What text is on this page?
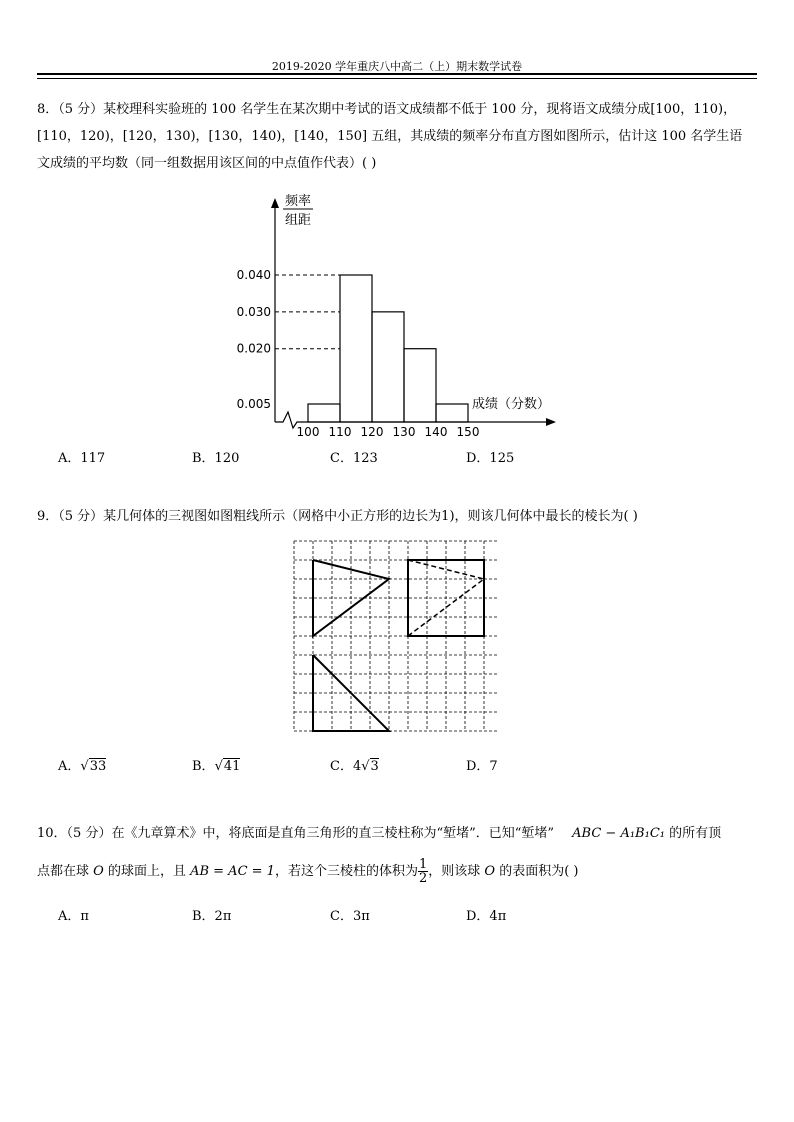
2019-2020 学年重庆八中高二（上）期末数学试卷
8．（5 分）某校理科实验班的 100 名学生在某次期中考试的语文成绩都不低于 100 分，现将语文成绩分成[100，110)，
[110，120)，[120，130)，[130，140)，[140，150] 五组，其成绩的频率分布直方图如图所示，估计这 100 名学生语
文成绩的平均数（同一组数据用该区间的中点值作代表）( )
频率
组距
0.040
0.030
0.020
0.005
100 110 120 130 140 150
成绩（分数）
A．117	B．120	C．123	D．125
9．（5 分）某几何体的三视图如图粗线所示（网格中小正方形的边长为1)，则该几何体中最长的棱长为( )
A．√33	B．√41	C．4√3	D．7
10．（5 分）在《九章算术》中，将底面是直角三角形的直三棱柱称为“堑堵”．已知“堑堵” ABC − A₁B₁C₁ 的所有顶
点都在球 O 的球面上，且 AB = AC = 1，若这个三棱柱的体积为 $\frac{1}{2}$ ，则该球 O 的表面积为( )
A．π	B．2π	C．3π	D．4π
